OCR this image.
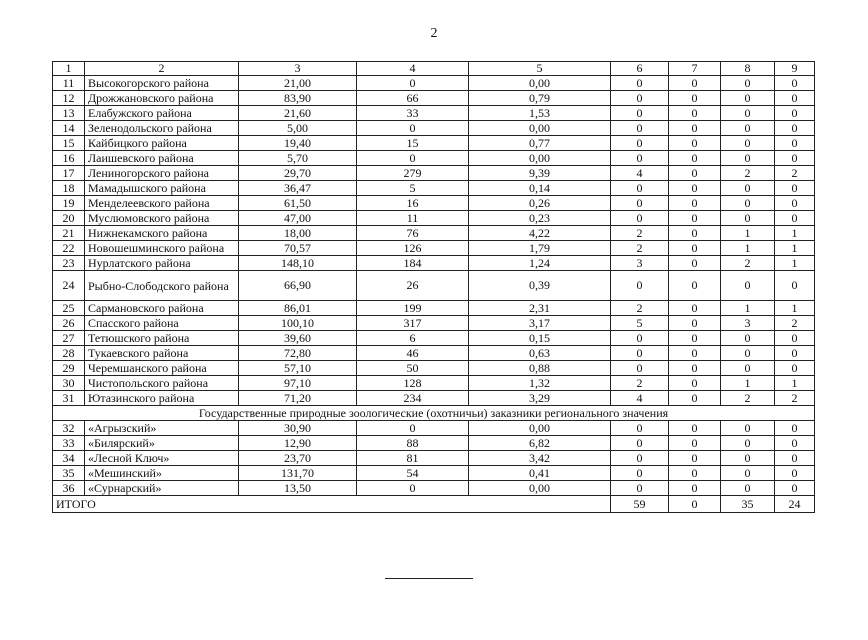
2
1	2	3	4	5	6	7	8	9
11	Высокогорского района	21,00	0	0,00	0	0	0	0
12	Дрожжановского района	83,90	66	0,79	0	0	0	0
13	Елабужского района	21,60	33	1,53	0	0	0	0
14	Зеленодольского района	5,00	0	0,00	0	0	0	0
15	Кайбицкого района	19,40	15	0,77	0	0	0	0
16	Лаишевского района	5,70	0	0,00	0	0	0	0
17	Лениногорского района	29,70	279	9,39	4	0	2	2
18	Мамадышского района	36,47	5	0,14	0	0	0	0
19	Менделеевского района	61,50	16	0,26	0	0	0	0
20	Муслюмовского района	47,00	11	0,23	0	0	0	0
21	Нижнекамского района	18,00	76	4,22	2	0	1	1
22	Новошешминского района	70,57	126	1,79	2	0	1	1
23	Нурлатского района	148,10	184	1,24	3	0	2	1
24	Рыбно-Слободского района	66,90	26	0,39	0	0	0	0
25	Сармановского района	86,01	199	2,31	2	0	1	1
26	Спасского района	100,10	317	3,17	5	0	3	2
27	Тетюшского района	39,60	6	0,15	0	0	0	0
28	Тукаевского района	72,80	46	0,63	0	0	0	0
29	Черемшанского района	57,10	50	0,88	0	0	0	0
30	Чистопольского района	97,10	128	1,32	2	0	1	1
31	Ютазинского района	71,20	234	3,29	4	0	2	2
Государственные природные зоологические (охотничьи) заказники регионального значения								
32	«Агрызский»	30,90	0	0,00	0	0	0	0
33	«Билярский»	12,90	88	6,82	0	0	0	0
34	«Лесной Ключ»	23,70	81	3,42	0	0	0	0
35	«Мешинский»	131,70	54	0,41	0	0	0	0
36	«Сурнарский»	13,50	0	0,00	0	0	0	0
ИТОГО					59	0	35	24
